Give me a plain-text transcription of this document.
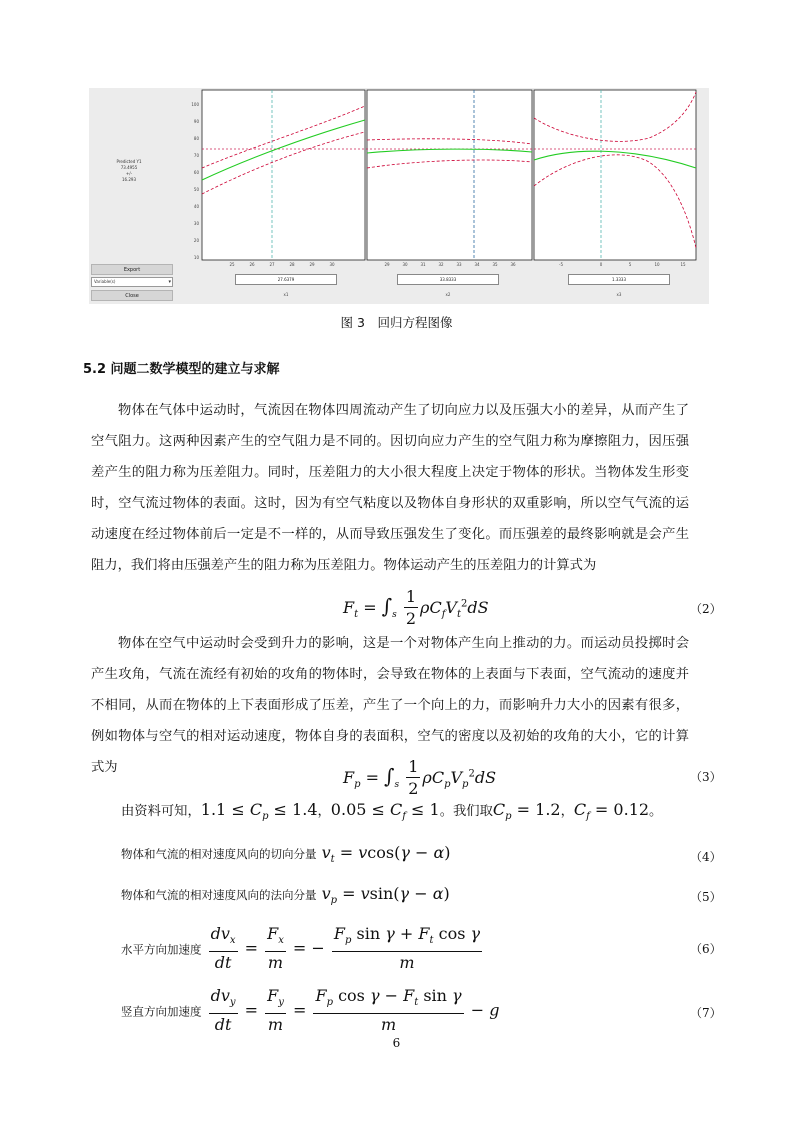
Predicted Y1
73.4955
+/-
16.293
Export
Variable(s)	▾
Close
100
90
80
70
60
50
40
30
20
10
25	26	27	28	29	30	29	30	31	32	33	34	35	36	-5	0	5	10	15
27.6379	33.8333	1.3333
x1	x2	x3
图 3　回归方程图像
5.2 问题二数学模型的建立与求解
物体在气体中运动时，气流因在物体四周流动产生了切向应力以及压强大小的差异，从而产生了空气阻力。这两种因素产生的空气阻力是不同的。因切向应力产生的空气阻力称为摩擦阻力，因压强差产生的阻力称为压差阻力。同时，压差阻力的大小很大程度上决定于物体的形状。当物体发生形变时，空气流过物体的表面。这时，因为有空气粘度以及物体自身形状的双重影响，所以空气气流的运动速度在经过物体前后一定是不一样的，从而导致压强发生了变化。而压强差的最终影响就是会产生阻力，我们将由压强差产生的阻力称为压差阻力。物体运动产生的压差阻力的计算式为
$F_t = \int_s \frac{1}{2} \rho C_fV_t^2dS$	（2）
物体在空气中运动时会受到升力的影响，这是一个对物体产生向上推动的力。而运动员投掷时会产生攻角，气流在流经有初始的攻角的物体时，会导致在物体的上表面与下表面，空气流动的速度并不相同，从而在物体的上下表面形成了压差，产生了一个向上的力，而影响升力大小的因素有很多，例如物体与空气的相对运动速度，物体自身的表面积，空气的密度以及初始的攻角的大小，它的计算式为
$F_p = \int_s \frac{1}{2} \rho C_pV_p^2dS$	（3）
由资料可知，$1.1 \le C_p \le 1.4$，$0.05 \le C_f \le 1$。我们取$C_p = 1.2$，$C_f = 0.12$。
物体和气流的相对速度风向的切向分量 $v_t = vcos(\gamma - \alpha)$	（4）
物体和气流的相对速度风向的法向分量 $v_p = vsin(\gamma - \alpha)$	（5）
水平方向加速度 $\frac{dv_x}{dt} = \frac{F_x}{m}$ = − $\frac{F_p \sin \gamma + F_t \cos \gamma}{m}$	（6）
竖直方向加速度 $\frac{dv_y}{dt} = \frac{F_y}{m} = \frac{F_p \cos \gamma - F_t \sin \gamma}{m} - g$	（7）
6
